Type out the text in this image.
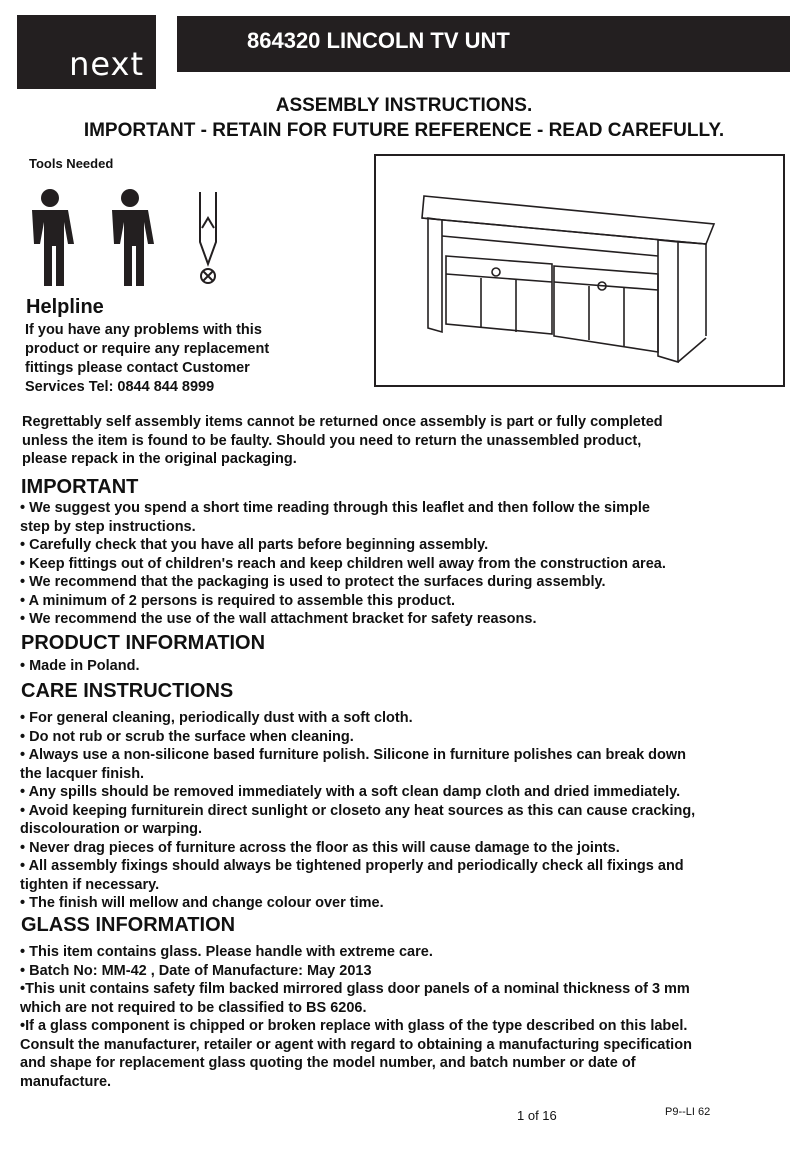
next
864320 LINCOLN TV UNT
ASSEMBLY INSTRUCTIONS.
IMPORTANT - RETAIN FOR FUTURE REFERENCE - READ CAREFULLY.
Tools Needed
Helpline
If you have any problems with this
product or require any replacement
fittings please contact Customer
Services Tel: 0844 844 8999
Regrettably self assembly items cannot be returned once assembly is part or fully completed
unless the item is found to be faulty. Should you need to return the unassembled product,
please repack in the original packaging.
IMPORTANT

• We suggest you spend a short time reading through this leaflet and then follow the simple

step by step instructions.

• Carefully check that you have all parts before beginning assembly.

• Keep fittings out of children's reach and keep children well away from the construction area.

• We recommend that the packaging is used to protect the surfaces during assembly.

• A minimum of 2 persons is required to assemble this product.

• We recommend the use of the wall attachment bracket for safety reasons.

PRODUCT INFORMATION

• Made in Poland.

CARE INSTRUCTIONS

• For general cleaning, periodically dust with a soft cloth.

• Do not rub or scrub the surface when cleaning.

• Always use a non-silicone based furniture polish. Silicone in furniture polishes can break down

the lacquer finish.

• Any spills should be removed immediately with a soft clean damp cloth and dried immediately.

• Avoid keeping furniturein direct sunlight or closeto any heat sources as this can cause cracking,

discolouration or warping.

• Never drag pieces of furniture across the floor as this will cause damage to the joints.

• All assembly fixings should always be tightened properly and periodically check all fixings and

tighten if necessary.

• The finish will mellow and change colour over time.

GLASS INFORMATION

• This item contains glass. Please handle with extreme care.

• Batch No: MM-42 , Date of Manufacture: May 2013

•This unit contains safety film backed mirrored glass door panels of a nominal thickness of 3 mm

which are not required to be classified to BS 6206.

•If a glass component is chipped or broken replace with glass of the type described on this label.

Consult the manufacturer, retailer or agent with regard to obtaining a manufacturing specification

and shape for replacement glass quoting the model number, and batch number or date of

manufacture.

1 of 16	P9--LI 62
